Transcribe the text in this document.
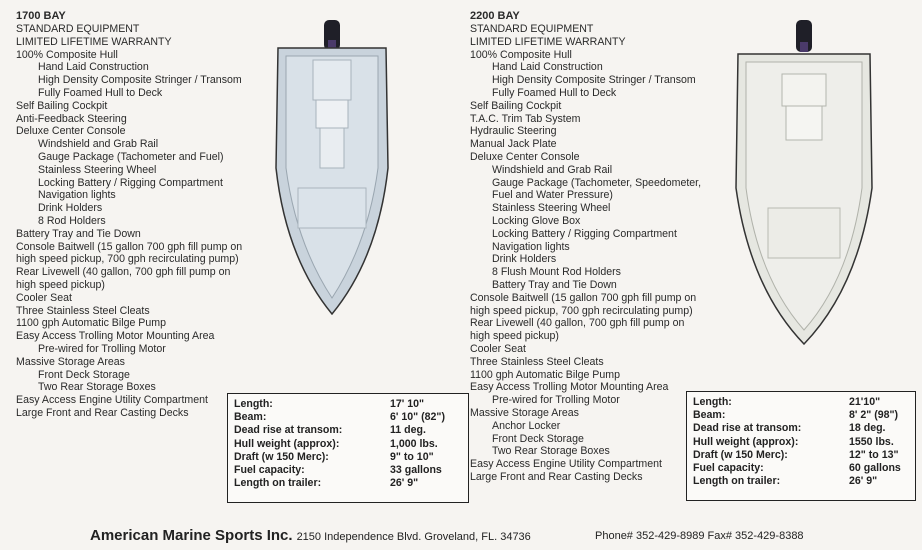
1700 BAY
STANDARD EQUIPMENT
LIMITED LIFETIME WARRANTY
100% Composite Hull
Hand Laid Construction
High Density Composite Stringer / Transom
Fully Foamed Hull to Deck
Self Bailing Cockpit
Anti-Feedback Steering
Deluxe Center Console
Windshield and Grab Rail
Gauge Package (Tachometer and Fuel)
Stainless Steering Wheel
Locking Battery / Rigging Compartment
Navigation lights
Drink Holders
8 Rod Holders
Battery Tray and Tie Down
Console Baitwell (15 gallon 700 gph fill pump on
high speed pickup, 700 gph recirculating pump)
Rear Livewell (40 gallon, 700 gph fill pump on
high speed pickup)
Cooler Seat
Three Stainless Steel Cleats
1100 gph Automatic Bilge Pump
Easy Access Trolling Motor Mounting Area
Pre-wired for Trolling Motor
Massive Storage Areas
Front Deck Storage
Two Rear Storage Boxes
Easy Access Engine Utility Compartment
Large Front and Rear Casting Decks
2200 BAY
STANDARD EQUIPMENT
LIMITED LIFETIME WARRANTY
100% Composite Hull
Hand Laid Construction
High Density Composite Stringer / Transom
Fully Foamed Hull to Deck
Self Bailing Cockpit
T.A.C. Trim Tab System
Hydraulic Steering
Manual Jack Plate
Deluxe Center Console
Windshield and Grab Rail
Gauge Package (Tachometer, Speedometer,
Fuel and Water Pressure)
Stainless Steering Wheel
Locking Glove Box
Locking Battery / Rigging Compartment
Navigation lights
Drink Holders
8 Flush Mount Rod Holders
Battery Tray and Tie Down
Console Baitwell (15 gallon 700 gph fill pump on
high speed pickup, 700 gph recirculating pump)
Rear Livewell (40 gallon, 700 gph fill pump on
high speed pickup)
Cooler Seat
Three Stainless Steel Cleats
1100 gph Automatic Bilge Pump
Easy Access Trolling Motor Mounting Area
Pre-wired for Trolling Motor
Massive Storage Areas
Anchor Locker
Front Deck Storage
Two Rear Storage Boxes
Easy Access Engine Utility Compartment
Large Front and Rear Casting Decks
Length:	17' 10"
Beam:	6' 10" (82")
Dead rise at transom:	11 deg.
Hull weight (approx):	1,000 lbs.
Draft (w 150 Merc):	9" to 10"
Fuel capacity:	33 gallons
Length on trailer:	26' 9"
Length:	21'10"
Beam:	8' 2" (98")
Dead rise at transom:	18 deg.
Hull weight (approx):	1550 lbs.
Draft (w 150 Merc):	12" to 13"
Fuel capacity:	60 gallons
Length on trailer:	26' 9"
American Marine Sports Inc. 2150 Independence Blvd. Groveland, FL. 34736	Phone# 352-429-8989 Fax# 352-429-8388
